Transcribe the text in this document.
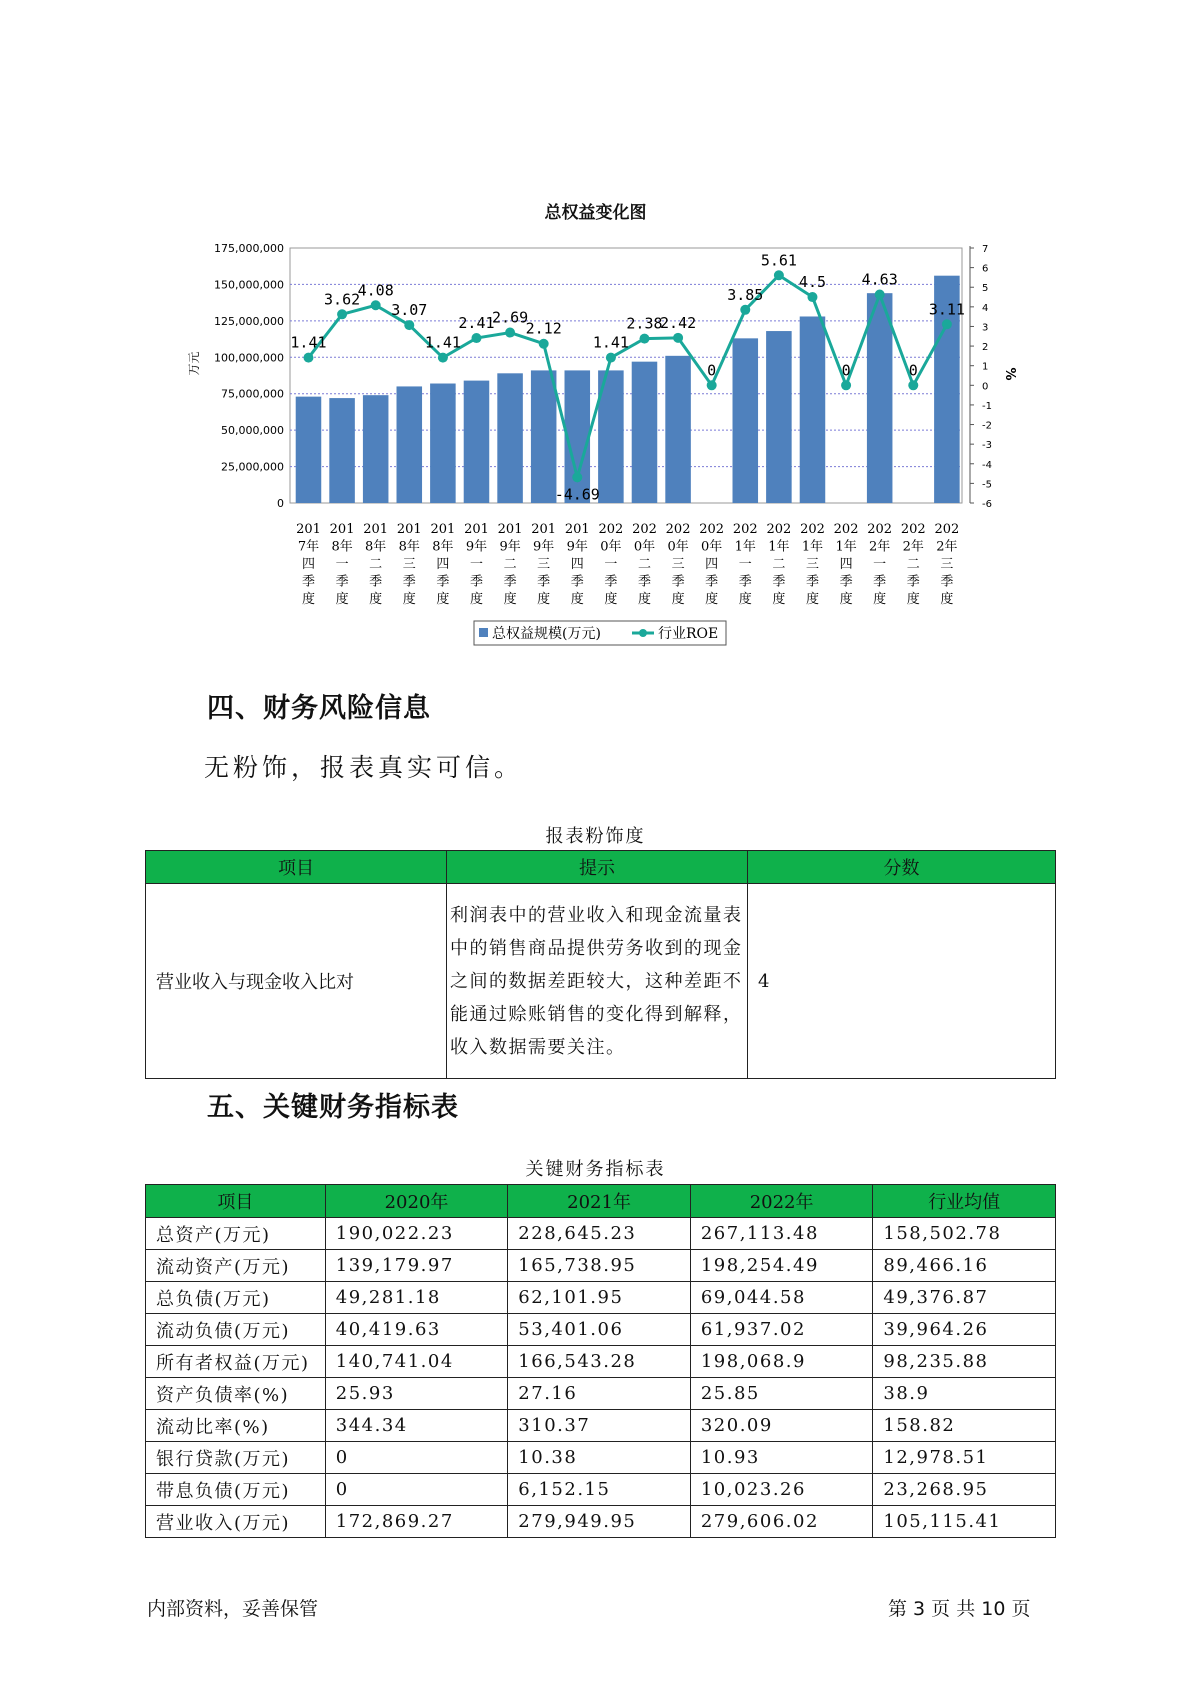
总权益变化图
175,000,000
150,000,000
125,000,000
100,000,000
75,000,000
50,000,000
25,000,000
0
7
6
5
4
3
2
1
0
-1
-2
-3
-4
-5
-6
万元	%
201
7年
四
季
度
201
8年
一
季
度
201
8年
二
季
度
201
8年
三
季
度
201
8年
四
季
度
201
9年
一
季
度
201
9年
二
季
度
201
9年
三
季
度
201
9年
四
季
度
202
0年
一
季
度
202
0年
二
季
度
202
0年
三
季
度
202
0年
四
季
度
202
1年
一
季
度
202
1年
二
季
度
202
1年
三
季
度
202
1年
四
季
度
202
2年
一
季
度
202
2年
二
季
度
202
2年
三
季
度
1.41
3.62
4.08
3.07
1.41
2.41
2.69
2.12
-4.69
1.41
2.38
2.42
0
3.85
5.61
4.5
0
4.63
0
3.11
总权益规模(万元)	行业ROE
四、财务风险信息
无粉饰，报表真实可信。
报表粉饰度
项目	提示	分数
营业收入与现金收入比对	利润表中的营业收入和现金流量表中的销售商品提供劳务收到的现金之间的数据差距较大，这种差距不能通过赊账销售的变化得到解释，收入数据需要关注。	4
五、关键财务指标表
关键财务指标表
项目	2020年	2021年	2022年	行业均值
总资产(万元)	190,022.23	228,645.23	267,113.48	158,502.78
流动资产(万元)	139,179.97	165,738.95	198,254.49	89,466.16
总负债(万元)	49,281.18	62,101.95	69,044.58	49,376.87
流动负债(万元)	40,419.63	53,401.06	61,937.02	39,964.26
所有者权益(万元)	140,741.04	166,543.28	198,068.9	98,235.88
资产负债率(%)	25.93	27.16	25.85	38.9
流动比率(%)	344.34	310.37	320.09	158.82
银行贷款(万元)	0	10.38	10.93	12,978.51
带息负债(万元)	0	6,152.15	10,023.26	23,268.95
营业收入(万元)	172,869.27	279,949.95	279,606.02	105,115.41
内部资料，妥善保管	第 3 页 共 10 页
